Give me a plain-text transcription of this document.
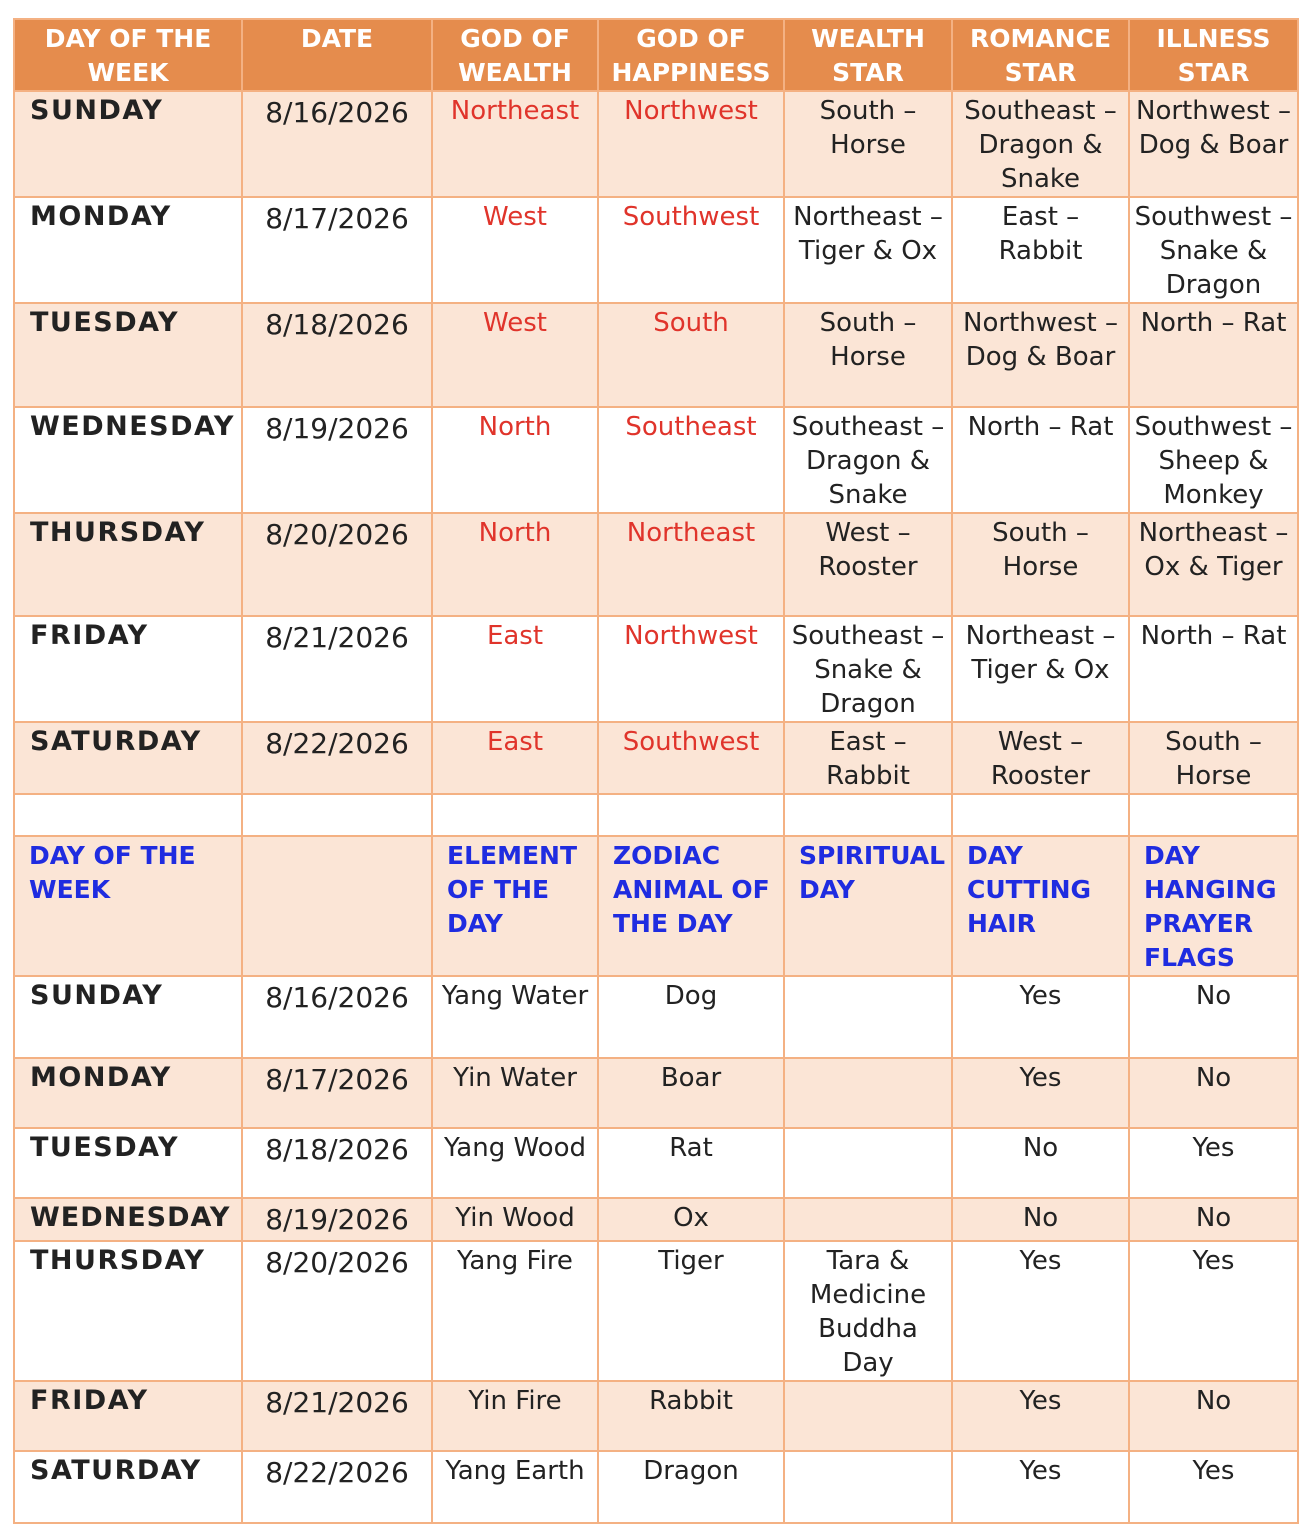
DAY OF THE WEEK	DATE	GOD OF WEALTH	GOD OF HAPPINESS	WEALTH STAR	ROMANCE STAR	ILLNESS STAR
SUNDAY	8/16/2026	Northeast	Northwest	South – Horse	Southeast – Dragon & Snake	Northwest – Dog & Boar
MONDAY	8/17/2026	West	Southwest	Northeast – Tiger & Ox	East – Rabbit	Southwest – Snake & Dragon
TUESDAY	8/18/2026	West	South	South – Horse	Northwest – Dog & Boar	North – Rat
WEDNESDAY	8/19/2026	North	Southeast	Southeast – Dragon & Snake	North – Rat	Southwest – Sheep & Monkey
THURSDAY	8/20/2026	North	Northeast	West – Rooster	South – Horse	Northeast – Ox & Tiger
FRIDAY	8/21/2026	East	Northwest	Southeast – Snake & Dragon	Northeast – Tiger & Ox	North – Rat
SATURDAY	8/22/2026	East	Southwest	East – Rabbit	West – Rooster	South – Horse

DAY OF THE WEEK		ELEMENT OF THE DAY	ZODIAC ANIMAL OF THE DAY	SPIRITUAL DAY	DAY CUTTING HAIR	DAY HANGING PRAYER FLAGS
SUNDAY	8/16/2026	Yang Water	Dog		Yes	No
MONDAY	8/17/2026	Yin Water	Boar		Yes	No
TUESDAY	8/18/2026	Yang Wood	Rat		No	Yes
WEDNESDAY	8/19/2026	Yin Wood	Ox		No	No
THURSDAY	8/20/2026	Yang Fire	Tiger	Tara & Medicine Buddha Day	Yes	Yes
FRIDAY	8/21/2026	Yin Fire	Rabbit		Yes	No
SATURDAY	8/22/2026	Yang Earth	Dragon		Yes	Yes
